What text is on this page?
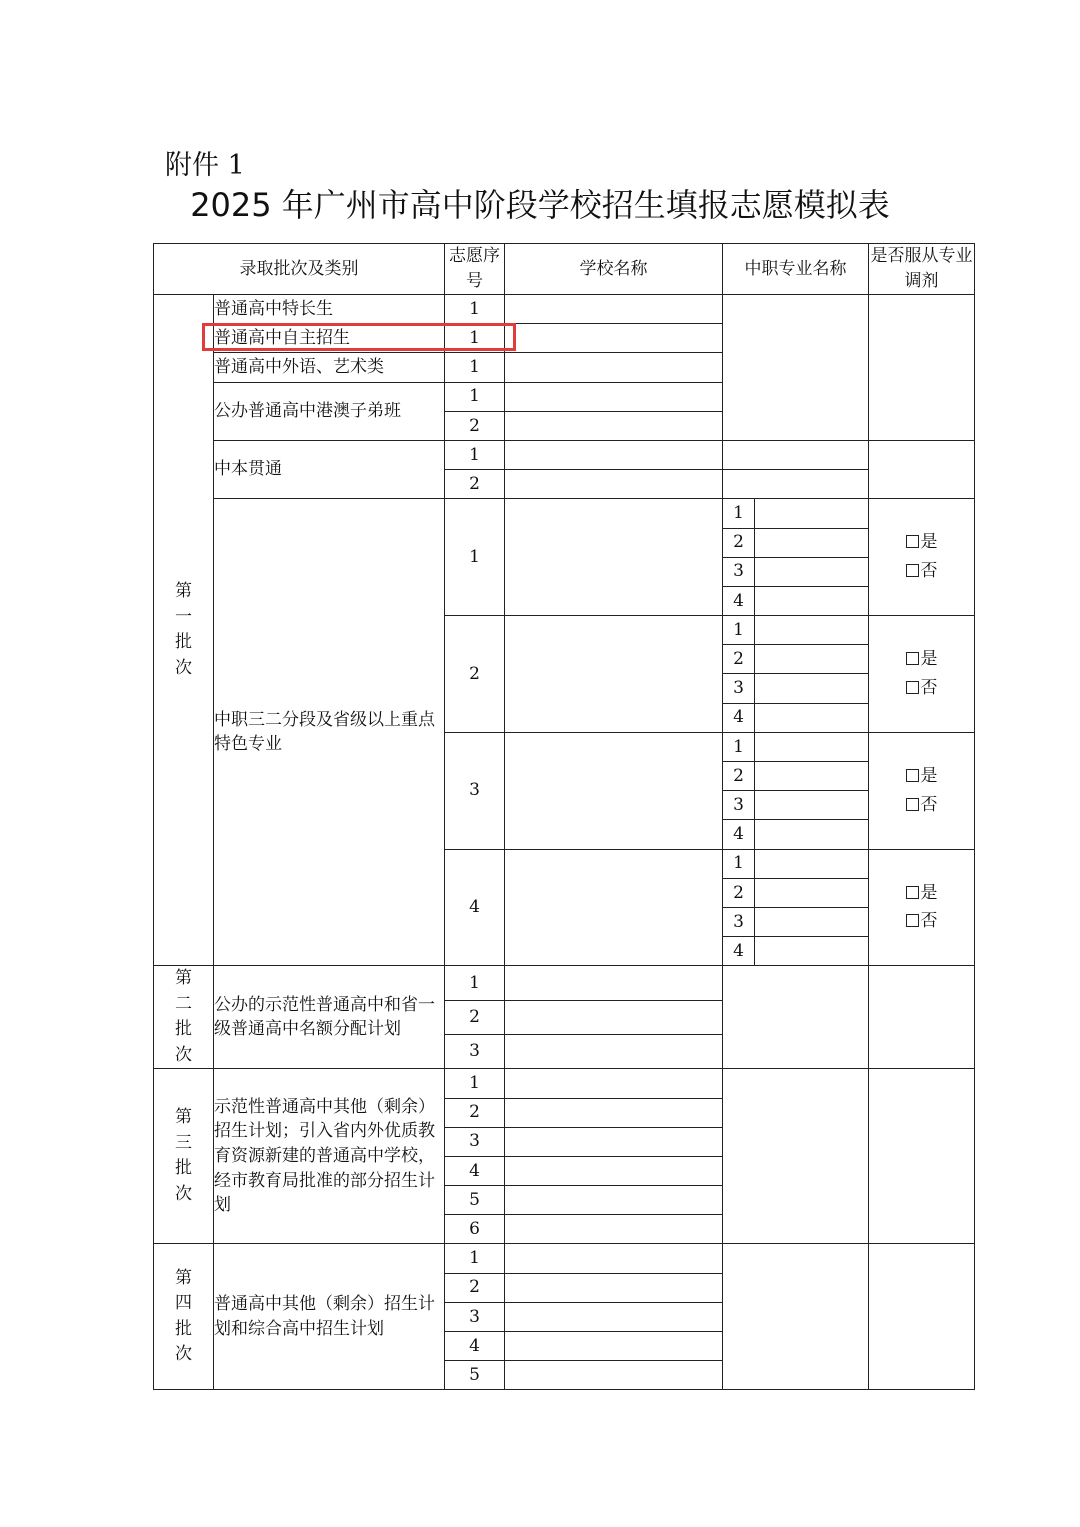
附件 1
2025 年广州市高中阶段学校招生填报志愿模拟表
录取批次及类别		志愿序号	学校名称	中职专业名称		是否服从专业调剂
第一批次	普通高中特长生	1				
	普通高中自主招生	1				
	普通高中外语、艺术类	1				
	公办普通高中港澳子弟班	1				
		2				
	中本贯通	1				
		2				
	中职三二分段及省级以上重点特色专业	1		1		是
否

				2		
				3		
				4		
		2		1		是
否

				2		
				3		
				4		
		3		1		是
否

				2		
				3		
				4		
		4		1		是
否

				2		
				3		
				4		
第二批次	公办的示范性普通高中和省一级普通高中名额分配计划	1				
		2				
		3				
第三批次	示范性普通高中其他（剩余）招生计划；引入省内外优质教育资源新建的普通高中学校，经市教育局批准的部分招生计划	1				
		2				
		3				
		4				
		5				
		6				
第四批次	普通高中其他（剩余）招生计划和综合高中招生计划	1				
		2				
		3				
		4				
		5				
